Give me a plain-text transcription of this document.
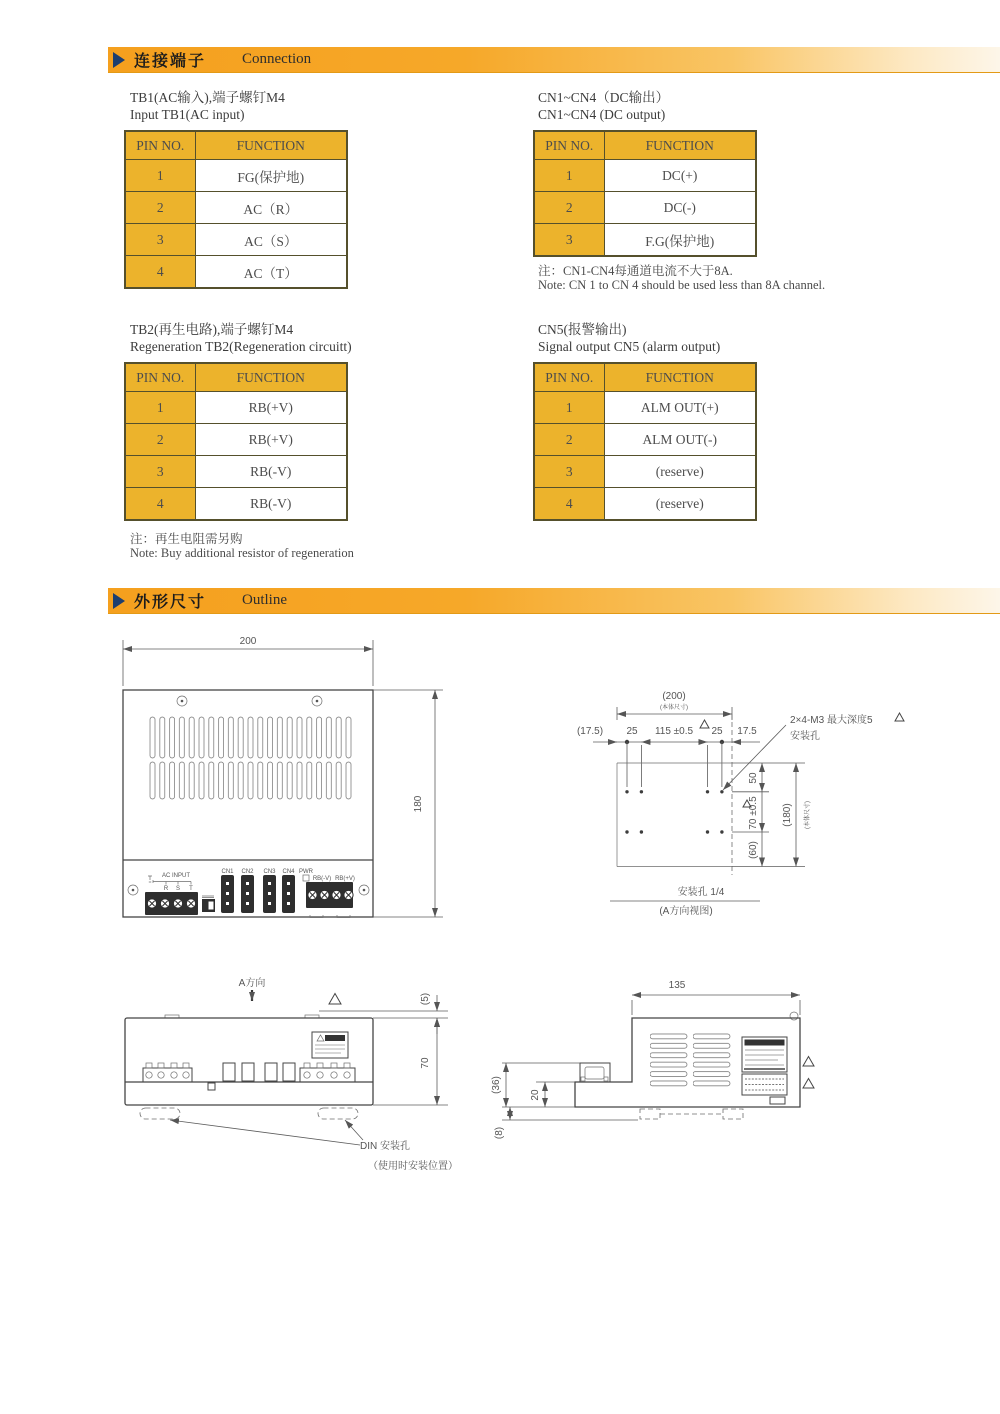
连接端子 Connection
TB1(AC输入),端子螺钉M4
Input TB1(AC input)
PIN NO.	FUNCTION
1	FG(保护地)
2	AC（R）
3	AC（S）
4	AC（T）
CN1~CN4（DC输出）
CN1~CN4 (DC output)
PIN NO.	FUNCTION
1	DC(+)
2	DC(-)
3	F.G(保护地)
注：CN1-CN4每通道电流不大于8A.
Note: CN 1 to CN 4 should be used less than 8A channel.
TB2(再生电路),端子螺钉M4
Regeneration TB2(Regeneration circuitt)
PIN NO.	FUNCTION
1	RB(+V)
2	RB(+V)
3	RB(-V)
4	RB(-V)
注：再生电阻需另购
Note: Buy additional resistor of regeneration
CN5(报警输出)
Signal output CN5 (alarm output)
PIN NO.	FUNCTION
1	ALM OUT(+)
2	ALM OUT(-)
3	(reserve)
4	(reserve)
外形尺寸 Outline
200
AC INPUT
R S T
CN1 CN2 CN3 CN4 PWR
RB(-V) RB(+V)
180
(200)
(本体尺寸)
(17.5) 25 115 ±0.5 25 17.5
2×4-M3 最大深度5
安装孔
50
70 ±0.5
(60)
(180)	(本体尺寸)
安装孔 1/4
(A方向视图)
A方向
(5)
70
DIN 安装孔
（使用时安装位置）
135
(36)
20
(8)
